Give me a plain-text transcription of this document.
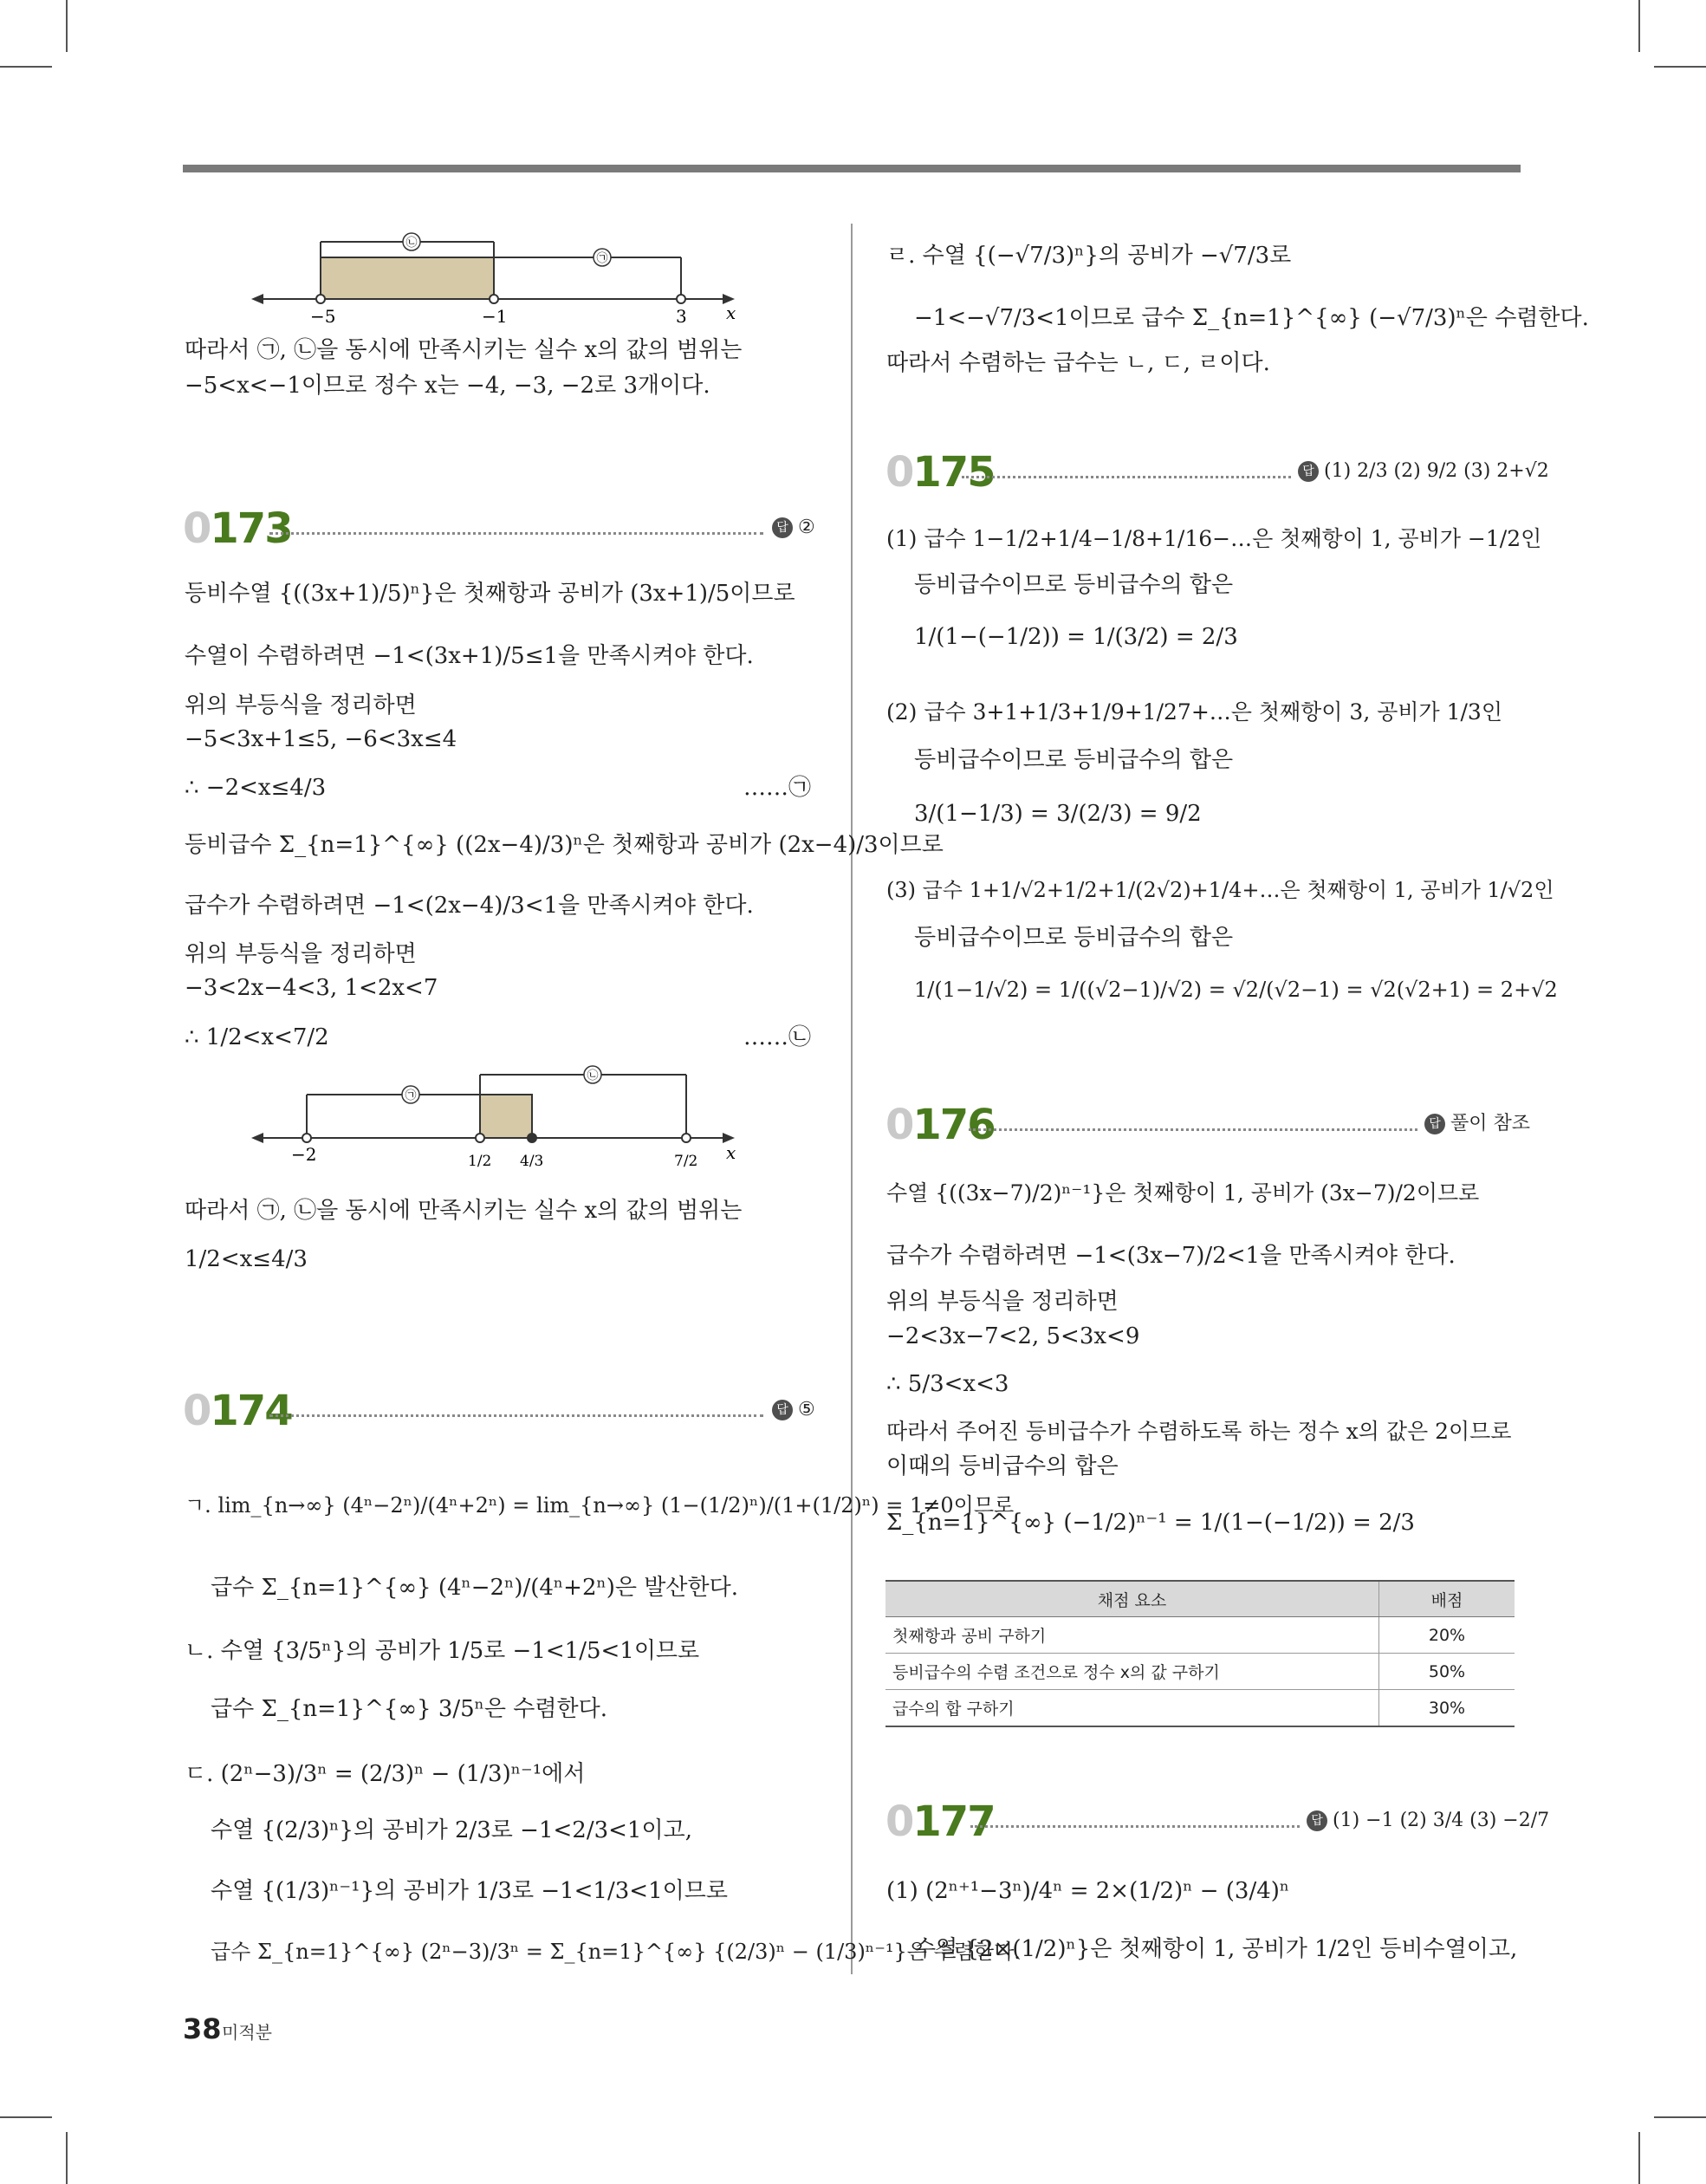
㉡
㉠
−5	−1	3 x
따라서 ㉠, ㉡을 동시에 만족시키는 실수 x의 값의 범위는
−5<x<−1이므로 정수 x는 −4, −3, −2로 3개이다.
0173	답 ②
등비수열 {((3x+1)/5)ⁿ}은 첫째항과 공비가 (3x+1)/5이므로
수열이 수렴하려면 −1<(3x+1)/5≤1을 만족시켜야 한다.
위의 부등식을 정리하면
−5<3x+1≤5, −6<3x≤4
∴ −2<x≤4/3	……㉠
등비급수 Σ_{n=1}^{∞} ((2x−4)/3)ⁿ은 첫째항과 공비가 (2x−4)/3이므로
급수가 수렴하려면 −1<(2x−4)/3<1을 만족시켜야 한다.
위의 부등식을 정리하면
−3<2x−4<3, 1<2x<7
∴ 1/2<x<7/2	……㉡
㉠
㉡
−2	1/2 4/3	7/2 x
따라서 ㉠, ㉡을 동시에 만족시키는 실수 x의 값의 범위는
1/2<x≤4/3
0174	답 ⑤
ㄱ. lim_{n→∞} (4ⁿ−2ⁿ)/(4ⁿ+2ⁿ) = lim_{n→∞} (1−(1/2)ⁿ)/(1+(1/2)ⁿ) = 1≠0이므로
급수 Σ_{n=1}^{∞} (4ⁿ−2ⁿ)/(4ⁿ+2ⁿ)은 발산한다.
ㄴ. 수열 {3/5ⁿ}의 공비가 1/5로 −1<1/5<1이므로
급수 Σ_{n=1}^{∞} 3/5ⁿ은 수렴한다.
ㄷ. (2ⁿ−3)/3ⁿ = (2/3)ⁿ − (1/3)ⁿ⁻¹에서
수열 {(2/3)ⁿ}의 공비가 2/3로 −1<2/3<1이고,
수열 {(1/3)ⁿ⁻¹}의 공비가 1/3로 −1<1/3<1이므로
급수 Σ_{n=1}^{∞} (2ⁿ−3)/3ⁿ = Σ_{n=1}^{∞} {(2/3)ⁿ − (1/3)ⁿ⁻¹}은 수렴한다.
ㄹ. 수열 {(−√7/3)ⁿ}의 공비가 −√7/3로
−1<−√7/3<1이므로 급수 Σ_{n=1}^{∞} (−√7/3)ⁿ은 수렴한다.
따라서 수렴하는 급수는 ㄴ, ㄷ, ㄹ이다.
0175	답 (1) 2/3 (2) 9/2 (3) 2+√2
(1) 급수 1−1/2+1/4−1/8+1/16−…은 첫째항이 1, 공비가 −1/2인
등비급수이므로 등비급수의 합은
1/(1−(−1/2)) = 1/(3/2) = 2/3
(2) 급수 3+1+1/3+1/9+1/27+…은 첫째항이 3, 공비가 1/3인
등비급수이므로 등비급수의 합은
3/(1−1/3) = 3/(2/3) = 9/2
(3) 급수 1+1/√2+1/2+1/(2√2)+1/4+…은 첫째항이 1, 공비가 1/√2인
등비급수이므로 등비급수의 합은
1/(1−1/√2) = 1/((√2−1)/√2) = √2/(√2−1) = √2(√2+1) = 2+√2
0176	답 풀이 참조
수열 {((3x−7)/2)ⁿ⁻¹}은 첫째항이 1, 공비가 (3x−7)/2이므로
급수가 수렴하려면 −1<(3x−7)/2<1을 만족시켜야 한다.
위의 부등식을 정리하면
−2<3x−7<2, 5<3x<9
∴ 5/3<x<3
따라서 주어진 등비급수가 수렴하도록 하는 정수 x의 값은 2이므로
이때의 등비급수의 합은
Σ_{n=1}^{∞} (−1/2)ⁿ⁻¹ = 1/(1−(−1/2)) = 2/3
채점 요소	배점
첫째항과 공비 구하기	20%
등비급수의 수렴 조건으로 정수 x의 값 구하기	50%
급수의 합 구하기	30%
0177	답 (1) −1 (2) 3/4 (3) −2/7
(1) (2ⁿ⁺¹−3ⁿ)/4ⁿ = 2×(1/2)ⁿ − (3/4)ⁿ
수열 {2×(1/2)ⁿ}은 첫째항이 1, 공비가 1/2인 등비수열이고,
38 미적분
